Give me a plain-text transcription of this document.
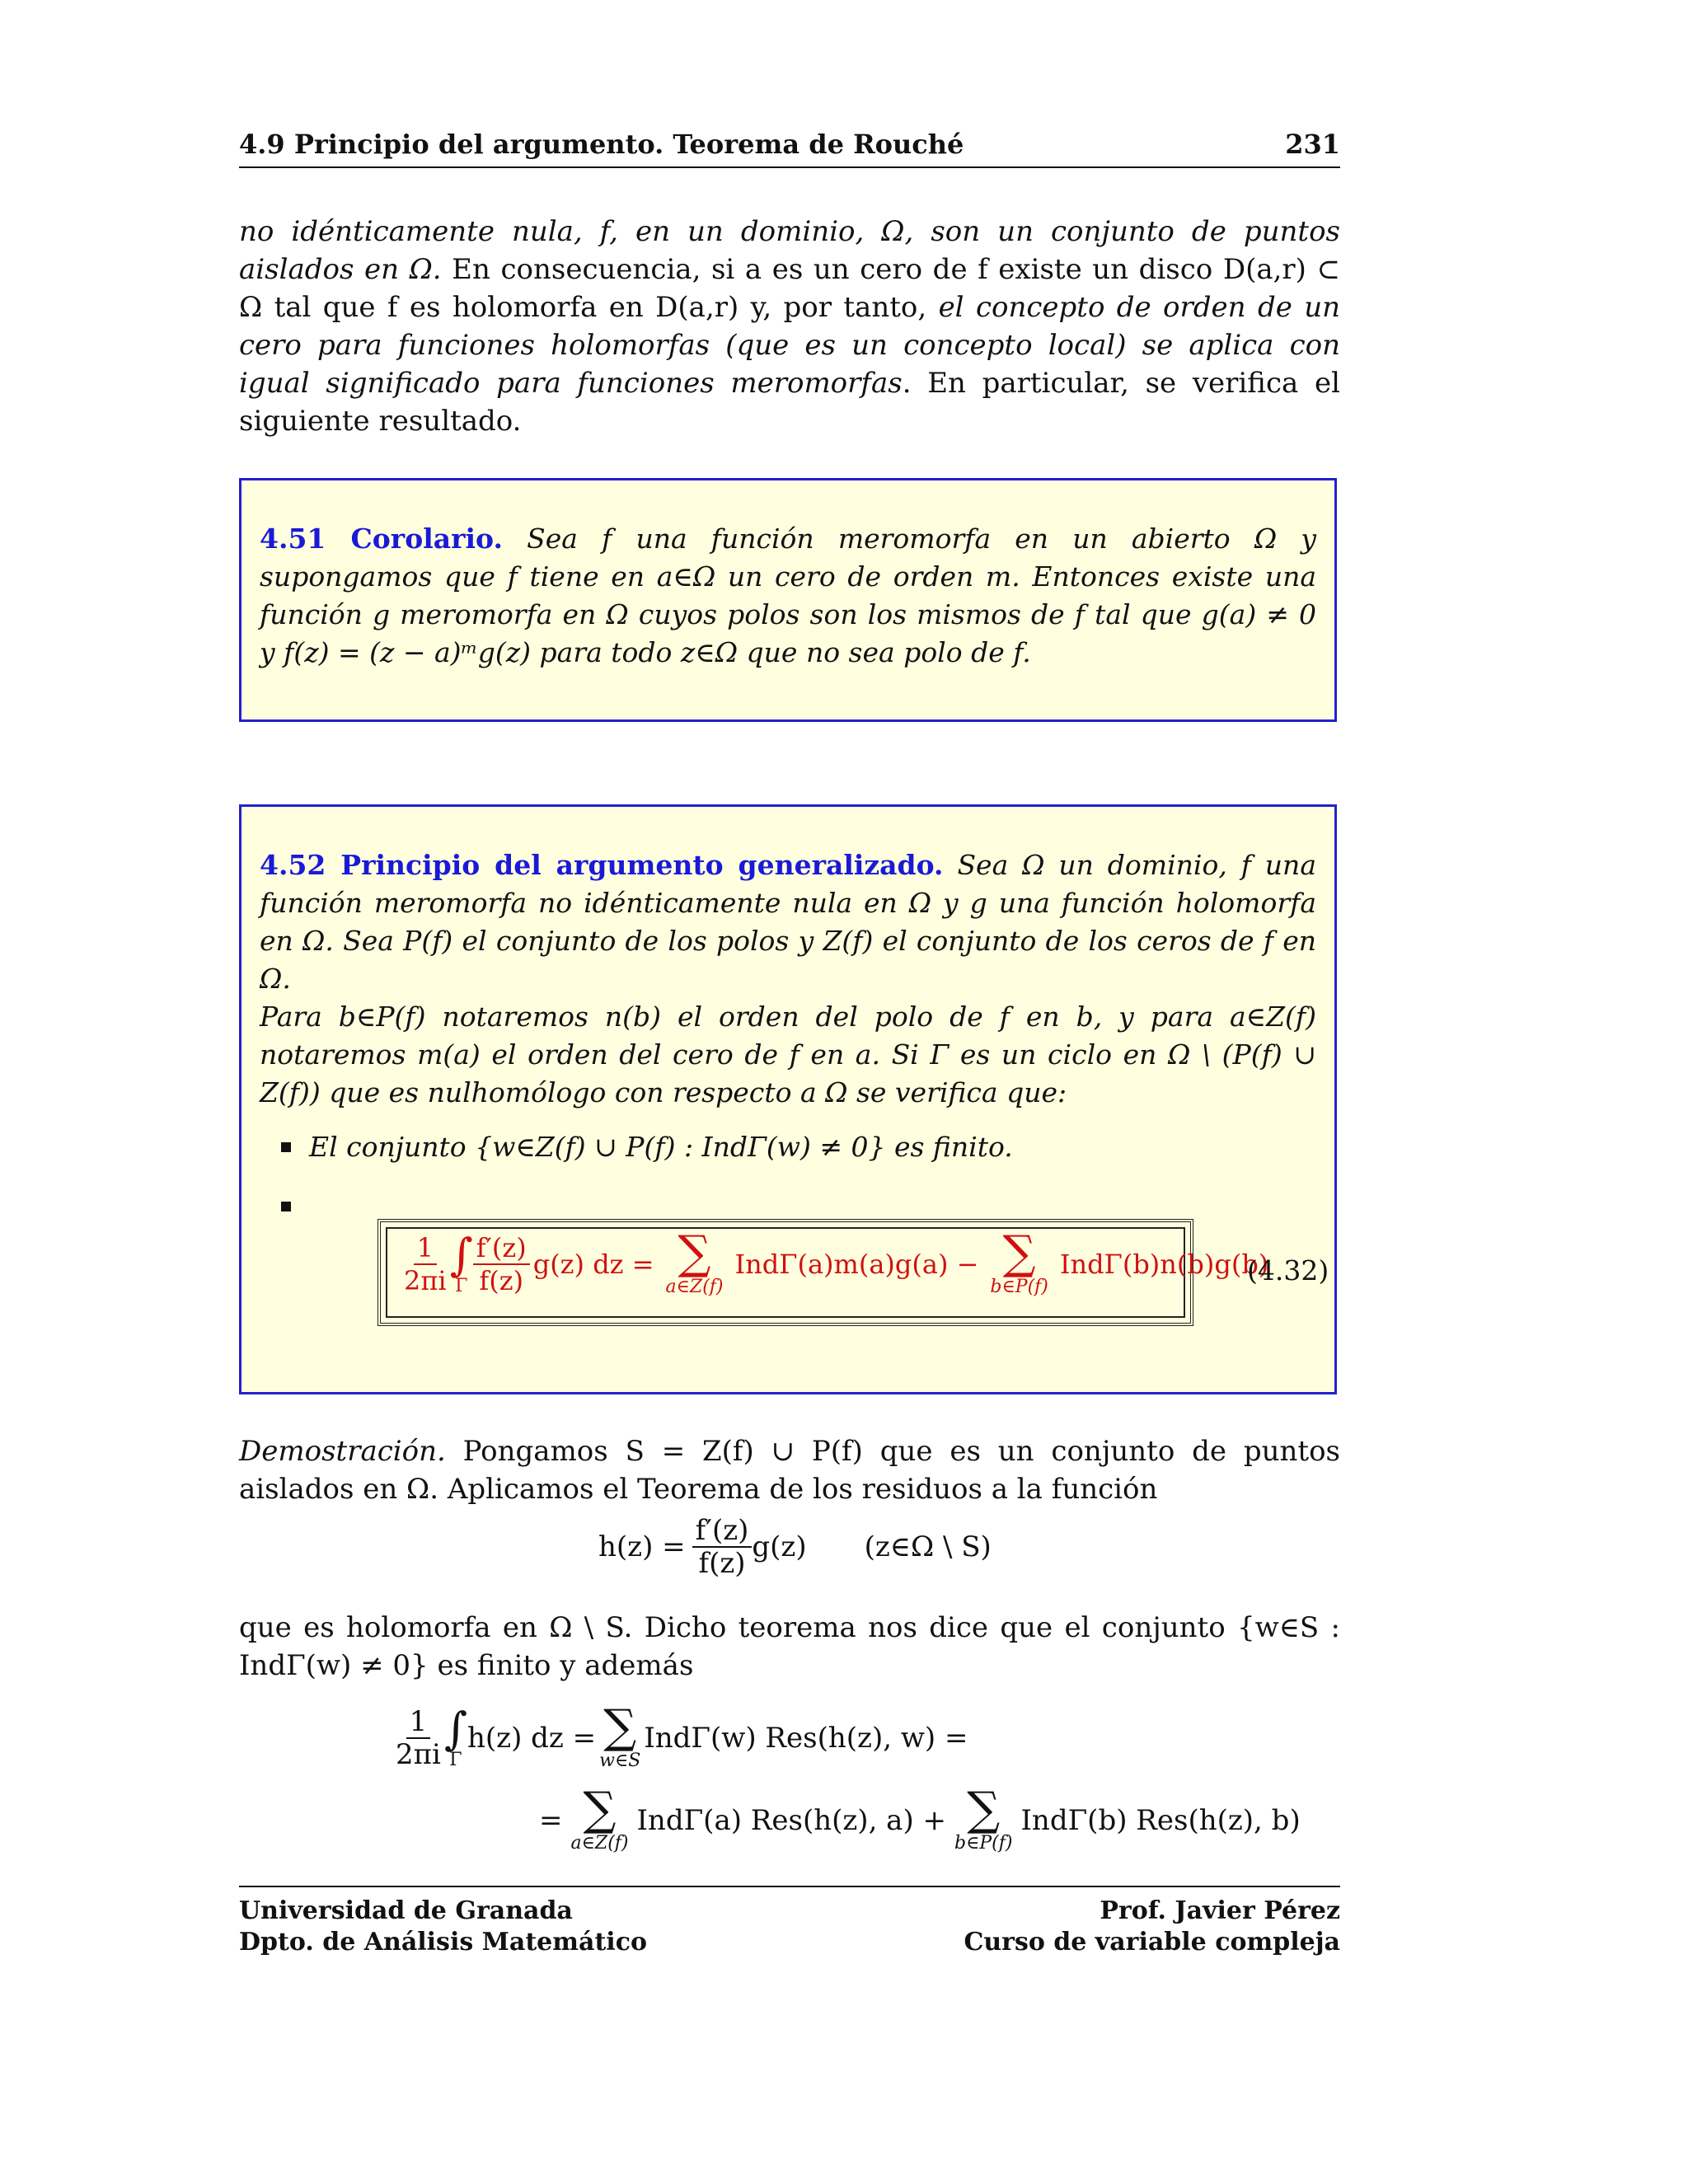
4.9 Principio del argumento. Teorema de Rouché	231
no idénticamente nula, f, en un dominio, Ω, son un conjunto de puntos aislados en Ω. En consecuencia, si a es un cero de f existe un disco D(a,r) ⊂ Ω tal que f es holomorfa en D(a,r) y, por tanto, el concepto de orden de un cero para funciones holomorfas (que es un concepto local) se aplica con igual significado para funciones meromorfas. En particular, se verifica el siguiente resultado.
4.51 Corolario. Sea f una función meromorfa en un abierto Ω y supongamos que f tiene en a∈Ω un cero de orden m. Entonces existe una función g meromorfa en Ω cuyos polos son los mismos de f tal que g(a) ≠ 0 y f(z) = (z − a)ᵐg(z) para todo z∈Ω que no sea polo de f.
4.52 Principio del argumento generalizado. Sea Ω un dominio, f una función meromorfa no idénticamente nula en Ω y g una función holomorfa en Ω. Sea P(f) el conjunto de los polos y Z(f) el conjunto de los ceros de f en Ω.
Para b∈P(f) notaremos n(b) el orden del polo de f en b, y para a∈Z(f) notaremos m(a) el orden del cero de f en a. Si Γ es un ciclo en Ω \ (P(f) ∪ Z(f)) que es nulhomólogo con respecto a Ω se verifica que:
El conjunto {w∈Z(f) ∪ P(f) : IndΓ(w) ≠ 0} es finito.

$\frac{1}{2\pi i}$ ∫
Γ $\frac{f'(z)}{f(z)} g(z)$ dz = ∑
a∈Z(f)
IndΓ(a)m(a)g(a) − ∑
b∈P(f)
IndΓ(b)n(b)g(b)
(4.32)
Demostración. Pongamos S = Z(f) ∪ P(f) que es un conjunto de puntos aislados en Ω. Aplicamos el Teorema de los residuos a la función
$h(z) = \frac{f'(z)}{f(z)} g(z)$ (z∈Ω \ S)
que es holomorfa en Ω \ S. Dicho teorema nos dice que el conjunto {w∈S : IndΓ(w) ≠ 0} es finito y además
$\frac{1}{2\pi i}$ ∫
Γ
h(z) dz = ∑
w∈S
IndΓ(w) Res(h(z), w) =
= ∑
a∈Z(f)
IndΓ(a) Res(h(z), a) + ∑
b∈P(f)
IndΓ(b) Res(h(z), b)
Universidad de Granada
Dpto. de Análisis Matemático
Prof. Javier Pérez
Curso de variable compleja
